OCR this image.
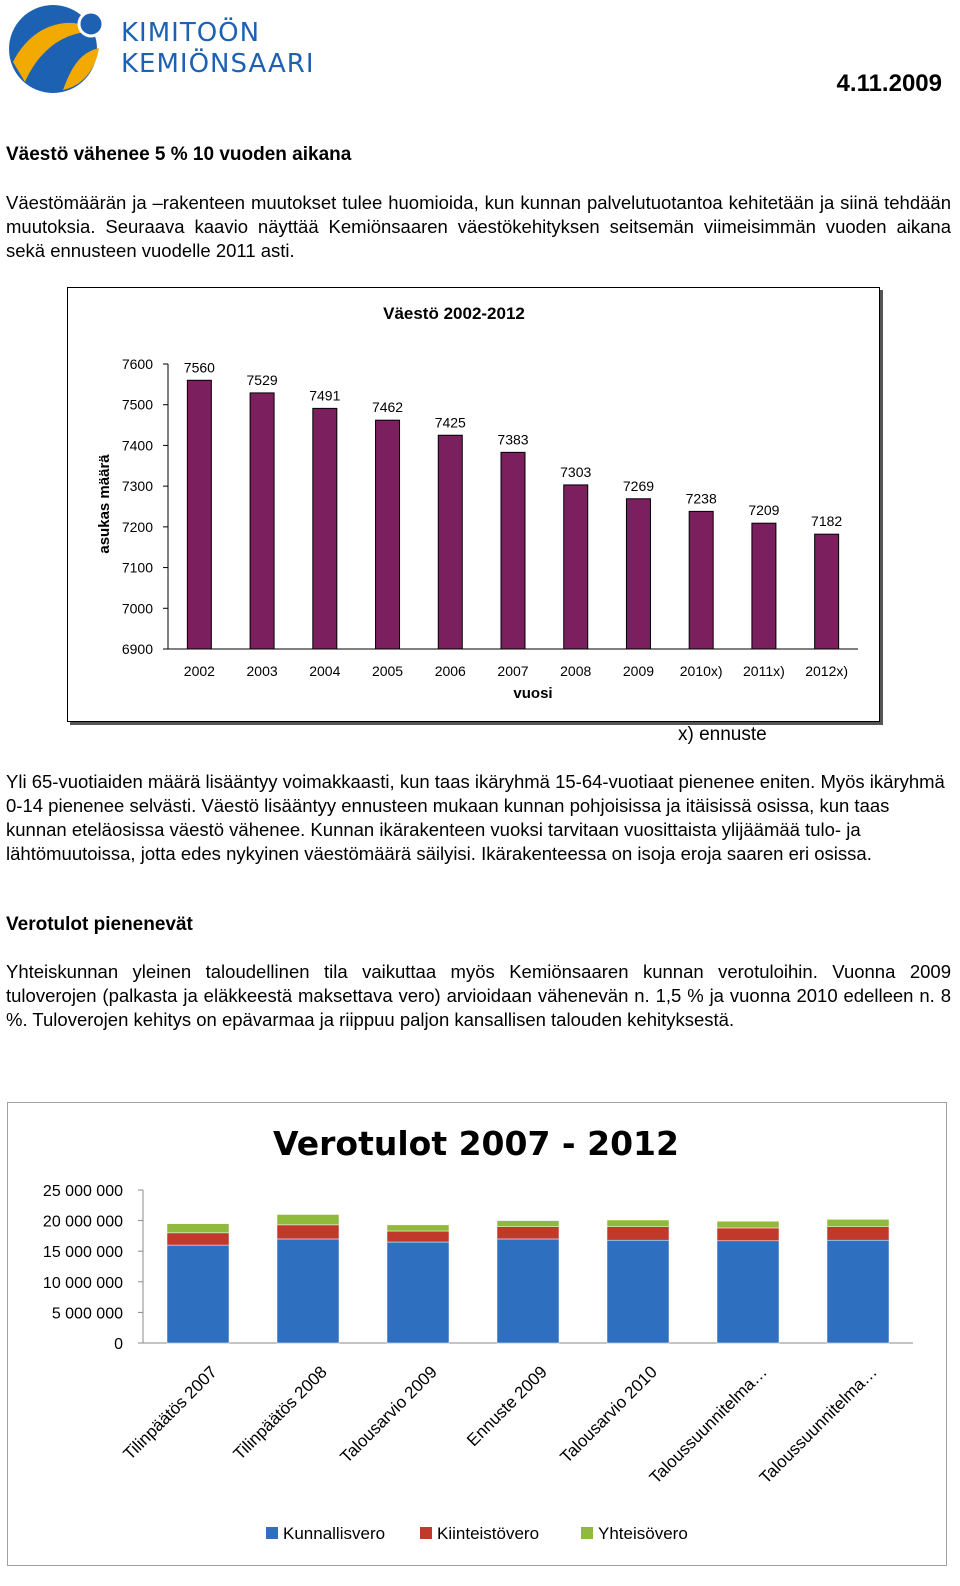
KIMITOÖN
KEMIÖNSAARI
4.11.2009
Väestö vähenee 5 % 10 vuoden aikana

Väestömäärän ja –rakenteen muutokset tulee huomioida, kun kunnan palvelutuotantoa kehitetään ja siinä tehdään muutoksia. Seuraava kaavio näyttää Kemiönsaaren väestökehityksen seitsemän viimeisimmän vuoden aikana sekä ennusteen vuodelle 2011 asti.

Väestö 2002-2012
asukas määrä
vuosi
7600
7500
7400
7300
7200
7100
7000
6900
7560
2002
7529
2003
7491
2004
7462
2005
7425
2006
7383
2007
7303
2008
7269
2009
7238
2010x)
7209
2011x)
7182
2012x)
x) ennuste

Yli 65-vuotiaiden määrä lisääntyy voimakkaasti, kun taas ikäryhmä 15-64-vuotiaat pienenee eniten. Myös ikäryhmä 0-14 pienenee selvästi. Väestö lisääntyy ennusteen mukaan kunnan pohjoisissa ja itäisissä osissa, kun taas kunnan eteläosissa väestö vähenee. Kunnan ikärakenteen vuoksi tarvitaan vuosittaista ylijäämää tulo- ja lähtömuutoissa, jotta edes nykyinen väestömäärä säilyisi. Ikärakenteessa on isoja eroja saaren eri osissa.

Verotulot pienenevät

Yhteiskunnan yleinen taloudellinen tila vaikuttaa myös Kemiönsaaren kunnan verotuloihin. Vuonna 2009 tuloverojen (palkasta ja eläkkeestä maksettava vero) arvioidaan vähenevän n. 1,5 % ja vuonna 2010 edelleen n. 8 %. Tuloverojen kehitys on epävarmaa ja riippuu paljon kansallisen talouden kehityksestä.

Verotulot 2007 - 2012
0
5 000 000
10 000 000
15 000 000
20 000 000
25 000 000
Tilinpäätös 2007 Tilinpäätös 2008 Talousarvio 2009 Ennuste 2009 Talousarvio 2010
Taloussuunnitelma…
Taloussuunnitelma…
Kunnallisvero	Kiinteistövero	Yhteisövero
